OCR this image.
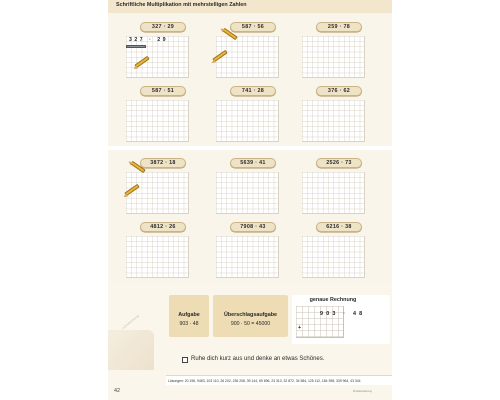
Schriftliche Multiplikation mit mehrstelligen Zahlen
327 · 29
327 · 29
587 · 56	259 · 78
587 · 51	741 · 28	376 · 62
3872 · 18	5639 · 41	2526 · 73
4812 · 26	7908 · 43	6216 · 38
Schreibrichtung	Aufgabe
903 · 48
Überschlagsaufgabe
900 · 50 = 45000
genaue Rechnung
903 · 48
+
Ruhe dich kurz aus und denke an etwas Schönes.
Lösungen: 20 196, 9483, 103 110, 26 202, 236 208, 39 144, 69 696, 23 310, 32 872, 34 584, 125 112, 184 398, 339 964, 43 344
42	Produktcodierung
